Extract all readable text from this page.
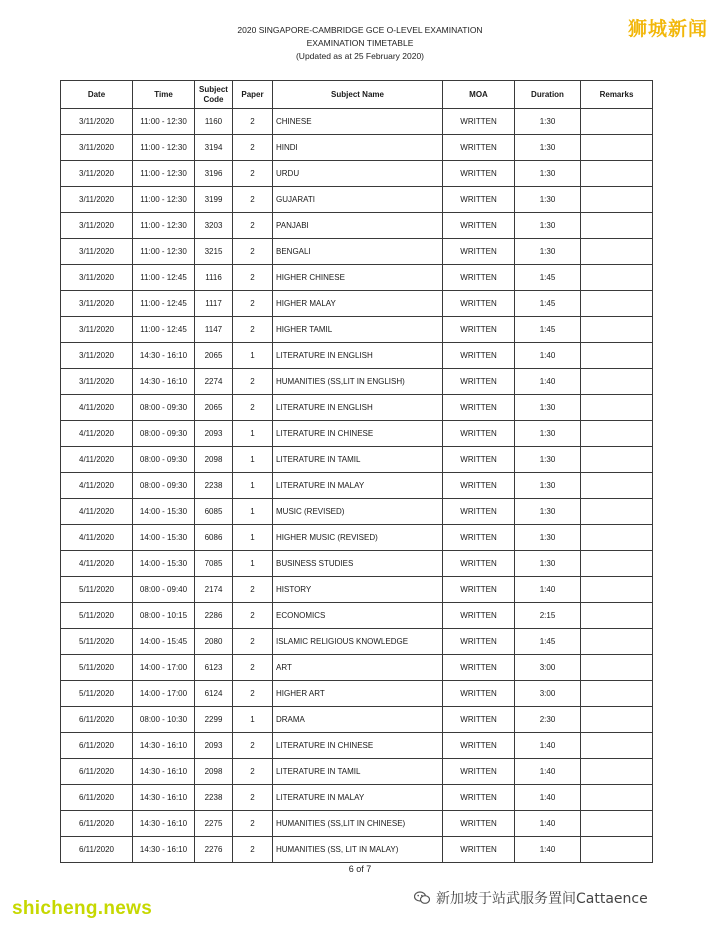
2020 SINGAPORE-CAMBRIDGE GCE O-LEVEL EXAMINATION
EXAMINATION TIMETABLE
(Updated as at 25 February 2020)
狮城新闻
Date	Time	Subject Code	Paper	Subject Name	MOA	Duration	Remarks
3/11/2020	11:00 - 12:30	1160	2	CHINESE	WRITTEN	1:30	
3/11/2020	11:00 - 12:30	3194	2	HINDI	WRITTEN	1:30	
3/11/2020	11:00 - 12:30	3196	2	URDU	WRITTEN	1:30	
3/11/2020	11:00 - 12:30	3199	2	GUJARATI	WRITTEN	1:30	
3/11/2020	11:00 - 12:30	3203	2	PANJABI	WRITTEN	1:30	
3/11/2020	11:00 - 12:30	3215	2	BENGALI	WRITTEN	1:30	
3/11/2020	11:00 - 12:45	1116	2	HIGHER CHINESE	WRITTEN	1:45	
3/11/2020	11:00 - 12:45	1117	2	HIGHER MALAY	WRITTEN	1:45	
3/11/2020	11:00 - 12:45	1147	2	HIGHER TAMIL	WRITTEN	1:45	
3/11/2020	14:30 - 16:10	2065	1	LITERATURE IN ENGLISH	WRITTEN	1:40	
3/11/2020	14:30 - 16:10	2274	2	HUMANITIES (SS,LIT IN ENGLISH)	WRITTEN	1:40	
4/11/2020	08:00 - 09:30	2065	2	LITERATURE IN ENGLISH	WRITTEN	1:30	
4/11/2020	08:00 - 09:30	2093	1	LITERATURE IN CHINESE	WRITTEN	1:30	
4/11/2020	08:00 - 09:30	2098	1	LITERATURE IN TAMIL	WRITTEN	1:30	
4/11/2020	08:00 - 09:30	2238	1	LITERATURE IN MALAY	WRITTEN	1:30	
4/11/2020	14:00 - 15:30	6085	1	MUSIC (REVISED)	WRITTEN	1:30	
4/11/2020	14:00 - 15:30	6086	1	HIGHER MUSIC (REVISED)	WRITTEN	1:30	
4/11/2020	14:00 - 15:30	7085	1	BUSINESS STUDIES	WRITTEN	1:30	
5/11/2020	08:00 - 09:40	2174	2	HISTORY	WRITTEN	1:40	
5/11/2020	08:00 - 10:15	2286	2	ECONOMICS	WRITTEN	2:15	
5/11/2020	14:00 - 15:45	2080	2	ISLAMIC RELIGIOUS KNOWLEDGE	WRITTEN	1:45	
5/11/2020	14:00 - 17:00	6123	2	ART	WRITTEN	3:00	
5/11/2020	14:00 - 17:00	6124	2	HIGHER ART	WRITTEN	3:00	
6/11/2020	08:00 - 10:30	2299	1	DRAMA	WRITTEN	2:30	
6/11/2020	14:30 - 16:10	2093	2	LITERATURE IN CHINESE	WRITTEN	1:40	
6/11/2020	14:30 - 16:10	2098	2	LITERATURE IN TAMIL	WRITTEN	1:40	
6/11/2020	14:30 - 16:10	2238	2	LITERATURE IN MALAY	WRITTEN	1:40	
6/11/2020	14:30 - 16:10	2275	2	HUMANITIES (SS,LIT IN CHINESE)	WRITTEN	1:40	
6/11/2020	14:30 - 16:10	2276	2	HUMANITIES (SS, LIT IN MALAY)	WRITTEN	1:40	
6 of 7
shicheng.news	新加坡于站武服务置间Cattaence
